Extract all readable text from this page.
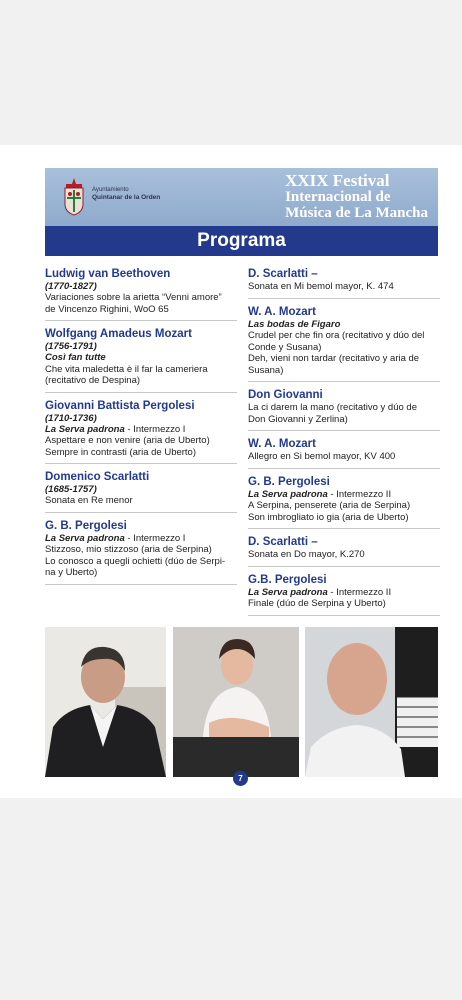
Ayuntamiento
Quintanar de la Orden
XXIX Festival
Internacional de
Música de La Mancha
Programa
Ludwig van Beethoven
(1770-1827)
Variaciones sobre la arietta “Venni amore”
de Vincenzo Righini, WoO 65
Wolfgang Amadeus Mozart
(1756-1791)
Così fan tutte
Che vita maledetta è il far la cameriera
(recitativo de Despina)
Giovanni Battista Pergolesi
(1710-1736)
La Serva padrona - Intermezzo I
Aspettare e non venire (aria de Uberto)
Sempre in contrasti (aria de Uberto)
Domenico Scarlatti
(1685-1757)
Sonata en Re menor
G. B. Pergolesi
La Serva padrona - Intermezzo I
Stizzoso, mio stizzoso (aria de Serpina)
Lo conosco a quegli ochietti (dúo de Serpi-
na y Uberto)
D. Scarlatti –
Sonata en Mi bemol mayor, K. 474
W. A. Mozart
Las bodas de Figaro
Crudel per che fin ora (recitativo y dúo del
Conde y Susana)
Deh, vieni non tardar (recitativo y aria de
Susana)
Don Giovanni
La ci darem la mano (recitativo y dúo de
Don Giovanni y Zerlina)
W. A. Mozart
Allegro en Si bemol mayor, KV 400
G. B. Pergolesi
La Serva padrona - Intermezzo II
A Serpina, penserete (aria de Serpina)
Son imbrogliato io gia (aria de Uberto)
D. Scarlatti –
Sonata en Do mayor, K.270
G.B. Pergolesi
La Serva padrona - Intermezzo II
Finale (dúo de Serpina y Uberto)
7
